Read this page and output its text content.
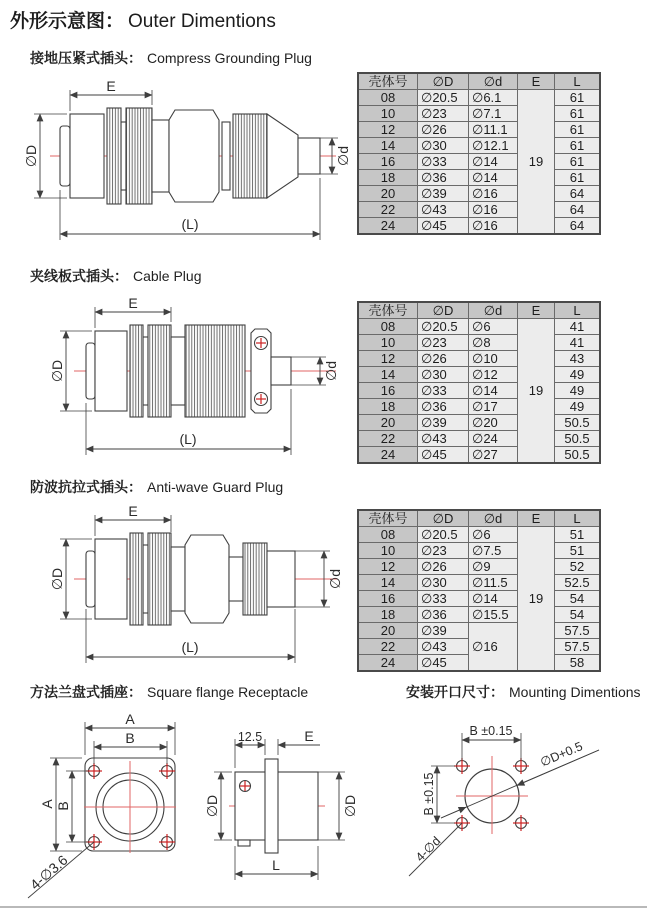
外形示意图： Outer Dimentions
接地压紧式插头： Compress Grounding Plug
E
∅D	∅d
(L)
壳体号	∅D	∅d	E	L
08	∅20.5	∅6.1	19	61
10	∅23	∅7.1		61
12	∅26	∅11.1		61
14	∅30	∅12.1		61
16	∅33	∅14		61
18	∅36	∅14		61
20	∅39	∅16		64
22	∅43	∅16		64
24	∅45	∅16		64
夹线板式插头： Cable Plug
E
∅D	∅d
(L)
壳体号	∅D	∅d	E	L
08	∅20.5	∅6	19	41
10	∅23	∅8		41
12	∅26	∅10		43
14	∅30	∅12		49
16	∅33	∅14		49
18	∅36	∅17		49
20	∅39	∅20		50.5
22	∅43	∅24		50.5
24	∅45	∅27		50.5
防波抗拉式插头： Anti-wave Guard Plug
E
∅D	∅d
(L)
壳体号	∅D	∅d	E	L
08	∅20.5	∅6	19	51
10	∅23	∅7.5		51
12	∅26	∅9		52
14	∅30	∅11.5		52.5
16	∅33	∅14		54
18	∅36	∅15.5		54
20	∅39	∅16		57.5
22	∅43			57.5
24	∅45			58
方法兰盘式插座： Square flange Receptacle	安装开口尺寸： Mounting Dimentions
A
B
A B
4-∅3.6
12.5	E
∅D	∅D
L
B ±0.15
B ±0.15
∅D+0.5
4-∅d
